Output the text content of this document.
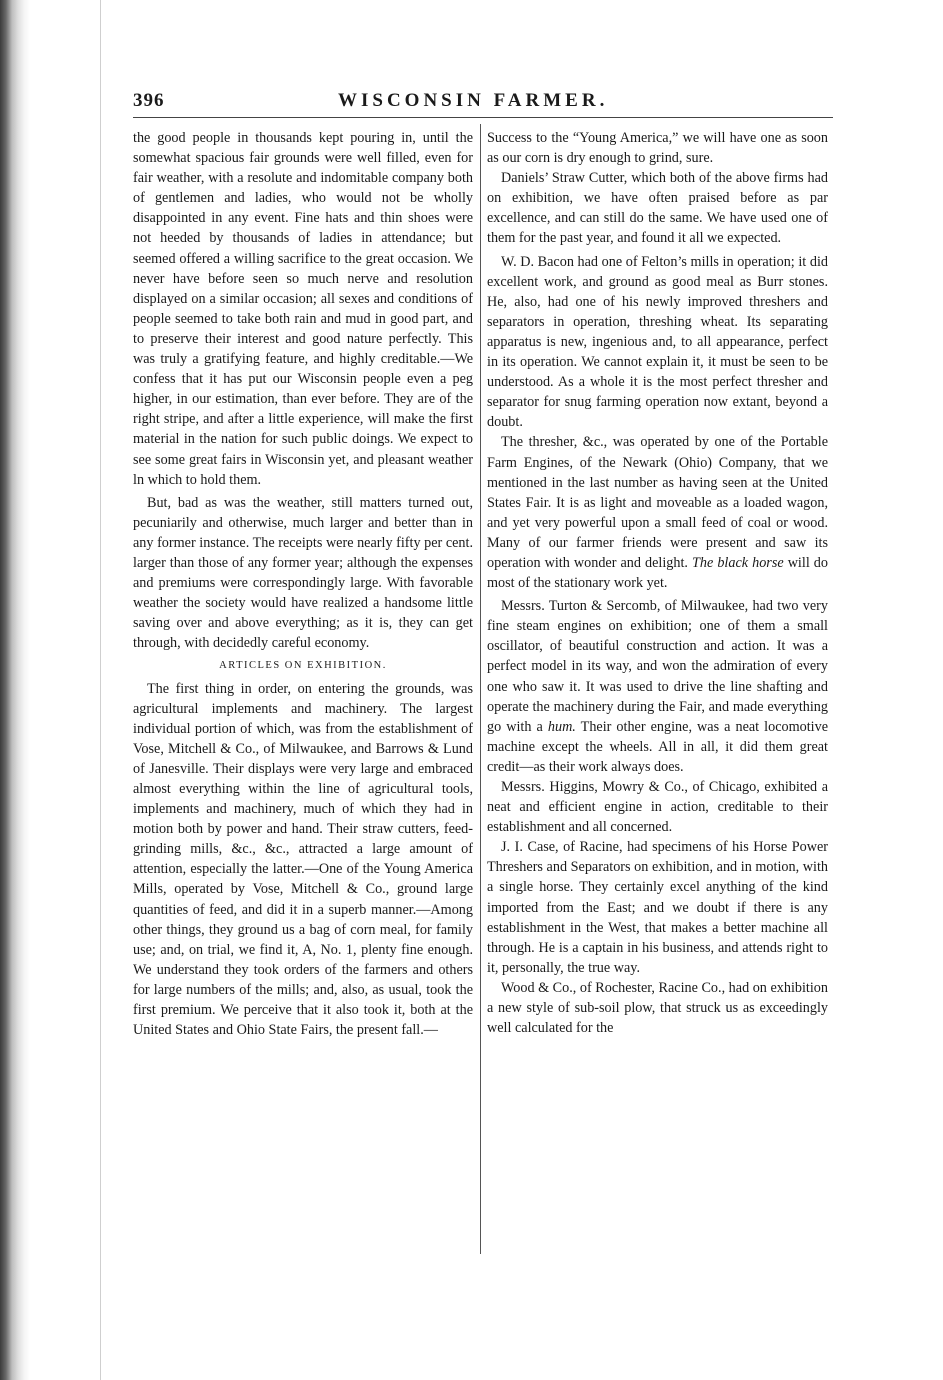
396	WISCONSIN FARMER.

the good people in thousands kept pouring in, until the somewhat spacious fair grounds were well filled, even for fair weather, with a resolute and indomitable company both of gentlemen and ladies, who would not be wholly disappointed in any event. Fine hats and thin shoes were not heeded by thousands of ladies in attendance; but seemed offered a willing sacrifice to the great occasion. We never have before seen so much nerve and resolution displayed on a similar occasion; all sexes and conditions of people seemed to take both rain and mud in good part, and to preserve their interest and good nature perfectly. This was truly a gratifying feature, and highly creditable.—We confess that it has put our Wisconsin people even a peg higher, in our estimation, than ever before. They are of the right stripe, and after a little experience, will make the first material in the nation for such public doings. We expect to see some great fairs in Wisconsin yet, and pleasant weather ln which to hold them.

But, bad as was the weather, still matters turned out, pecuniarily and otherwise, much larger and better than in any former instance. The receipts were nearly fifty per cent. larger than those of any former year; although the expenses and premiums were correspondingly large. With favorable weather the society would have realized a handsome little saving over and above everything; as it is, they can get through, with decidedly careful economy.

ARTICLES ON EXHIBITION.

The first thing in order, on entering the grounds, was agricultural implements and machinery. The largest individual portion of which, was from the establishment of Vose, Mitchell & Co., of Milwaukee, and Barrows & Lund of Janesville. Their displays were very large and embraced almost everything within the line of agricultural tools, implements and machinery, much of which they had in motion both by power and hand. Their straw cutters, feed-grinding mills, &c., &c., attracted a large amount of attention, especially the latter.—One of the Young America Mills, operated by Vose, Mitchell & Co., ground large quantities of feed, and did it in a superb manner.—Among other things, they ground us a bag of corn meal, for family use; and, on trial, we find it, A, No. 1, plenty fine enough. We understand they took orders of the farmers and others for large numbers of the mills; and, also, as usual, took the first premium. We perceive that it also took it, both at the United States and Ohio State Fairs, the present fall.—

Success to the “Young America,” we will have one as soon as our corn is dry enough to grind, sure.

Daniels’ Straw Cutter, which both of the above firms had on exhibition, we have often praised before as par excellence, and can still do the same. We have used one of them for the past year, and found it all we expected.

W. D. Bacon had one of Felton’s mills in operation; it did excellent work, and ground as good meal as Burr stones. He, also, had one of his newly improved threshers and separators in operation, threshing wheat. Its separating apparatus is new, ingenious and, to all appearance, perfect in its operation. We cannot explain it, it must be seen to be understood. As a whole it is the most perfect thresher and separator for snug farming operation now extant, beyond a doubt.

The thresher, &c., was operated by one of the Portable Farm Engines, of the Newark (Ohio) Company, that we mentioned in the last number as having seen at the United States Fair. It is as light and moveable as a loaded wagon, and yet very powerful upon a small feed of coal or wood. Many of our farmer friends were present and saw its operation with wonder and delight. The black horse will do most of the stationary work yet.

Messrs. Turton & Sercomb, of Milwaukee, had two very fine steam engines on exhibition; one of them a small oscillator, of beautiful construction and action. It was a perfect model in its way, and won the admiration of every one who saw it. It was used to drive the line shafting and operate the machinery during the Fair, and made everything go with a hum. Their other engine, was a neat locomotive machine except the wheels. All in all, it did them great credit—as their work always does.

Messrs. Higgins, Mowry & Co., of Chicago, exhibited a neat and efficient engine in action, creditable to their establishment and all concerned.

J. I. Case, of Racine, had specimens of his Horse Power Threshers and Separators on exhibition, and in motion, with a single horse. They certainly excel anything of the kind imported from the East; and we doubt if there is any establishment in the West, that makes a better machine all through. He is a captain in his business, and attends right to it, personally, the true way.

Wood & Co., of Rochester, Racine Co., had on exhibition a new style of sub-soil plow, that struck us as exceedingly well calculated for the
